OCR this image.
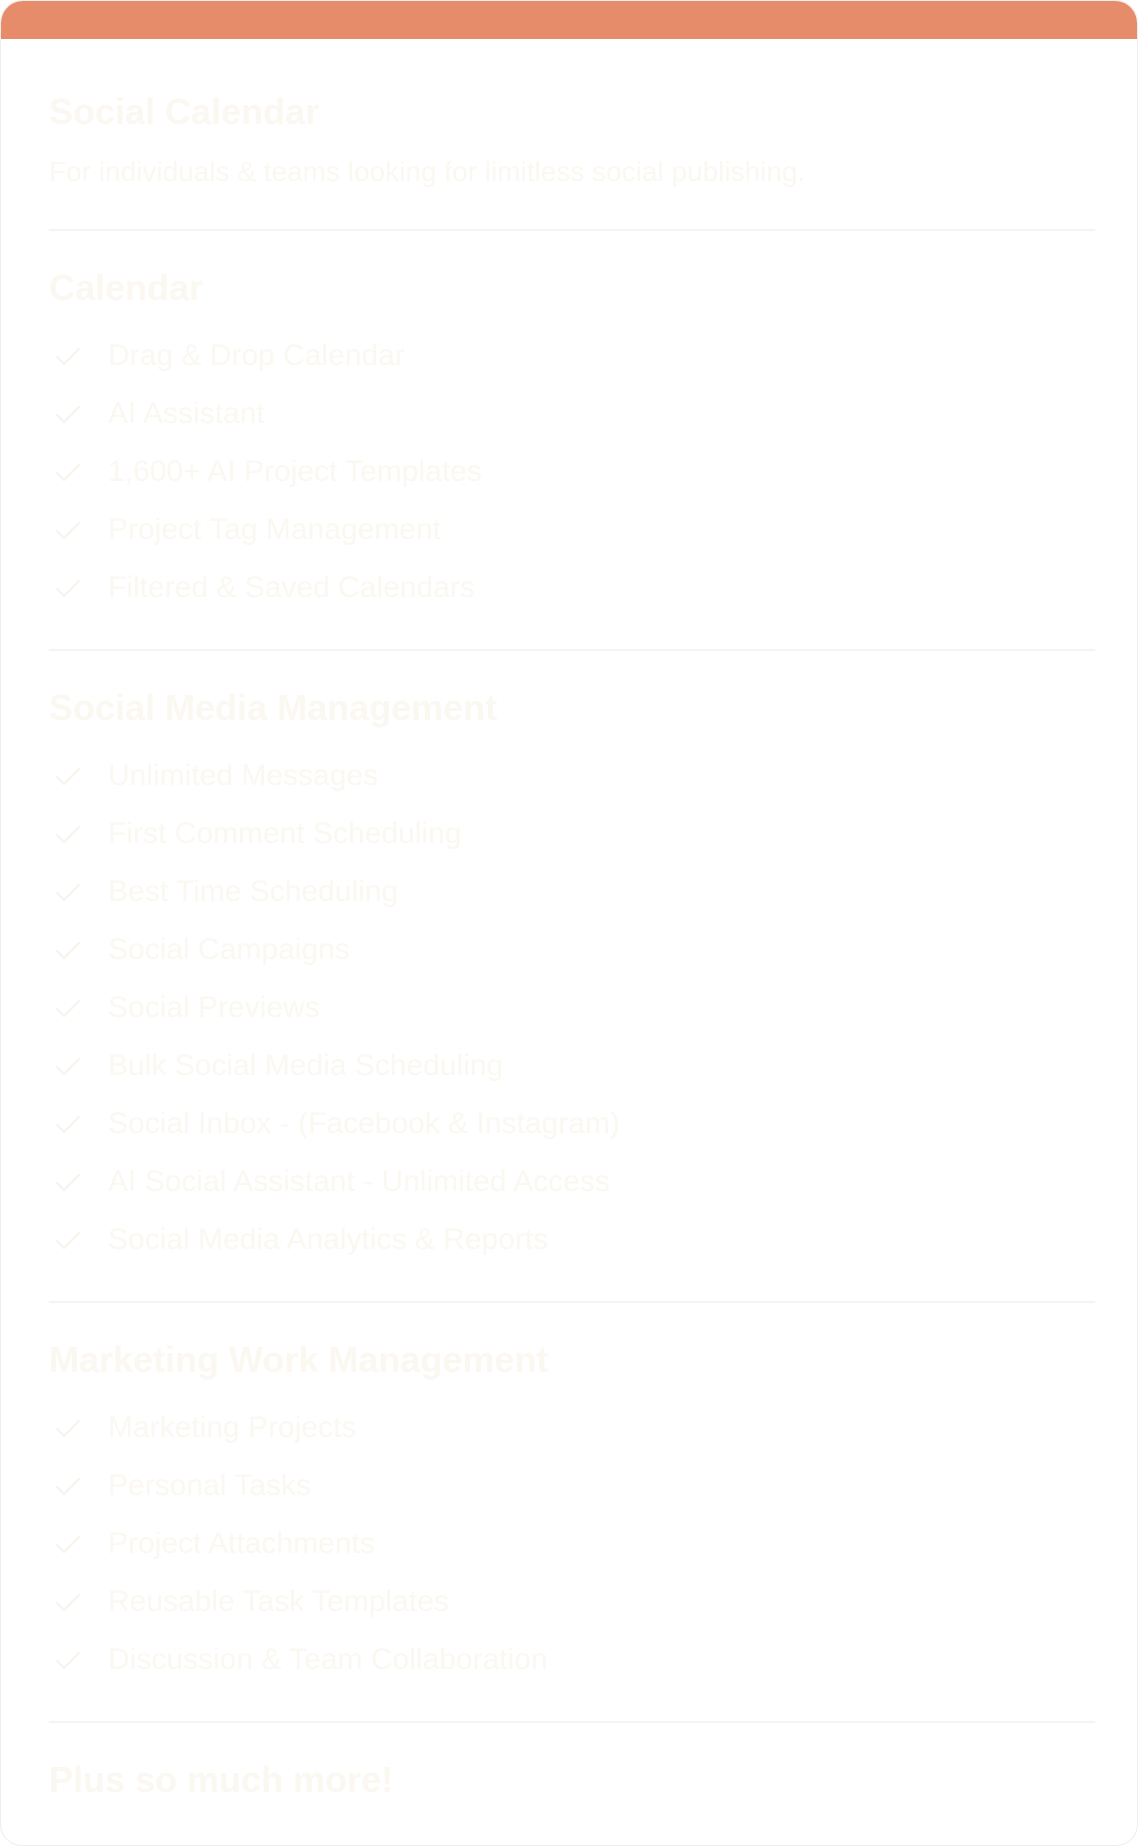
Social Calendar

For individuals & teams looking for limitless social publishing.

Calendar
Drag & Drop Calendar
AI Assistant
1,600+ AI Project Templates
Project Tag Management
Filtered & Saved Calendars
Social Media Management
Unlimited Messages
First Comment Scheduling
Best Time Scheduling
Social Campaigns
Social Previews
Bulk Social Media Scheduling
Social Inbox - (Facebook & Instagram)
AI Social Assistant - Unlimited Access
Social Media Analytics & Reports
Marketing Work Management
Marketing Projects
Personal Tasks
Project Attachments
Reusable Task Templates
Discussion & Team Collaboration
Plus so much more!
